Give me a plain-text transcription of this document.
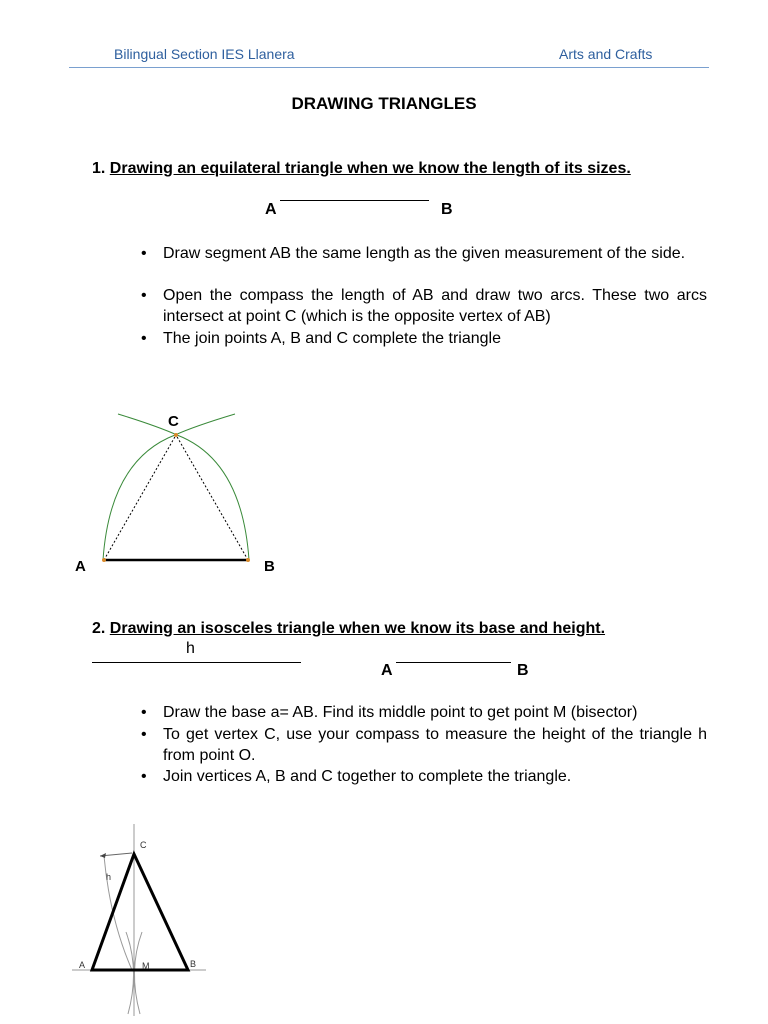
Bilingual Section IES Llanera	Arts and Crafts
DRAWING TRIANGLES
1. Drawing an equilateral triangle when we know the length of its sizes.
A	B
• Draw segment AB the same length as the given measurement of the side.
• Open the compass the length of AB and draw two arcs. These two arcs intersect at point C (which is the opposite vertex of AB)
• The join points A, B and C complete the triangle
C
A	B
2. Drawing an isosceles triangle when we know its base and height.
h
A	B
• Draw the base a= AB. Find its middle point to get point M (bisector)
• To get vertex C, use your compass to measure the height of the triangle h from point O.
• Join vertices A, B and C together to complete the triangle.
C
h
A	M	B
